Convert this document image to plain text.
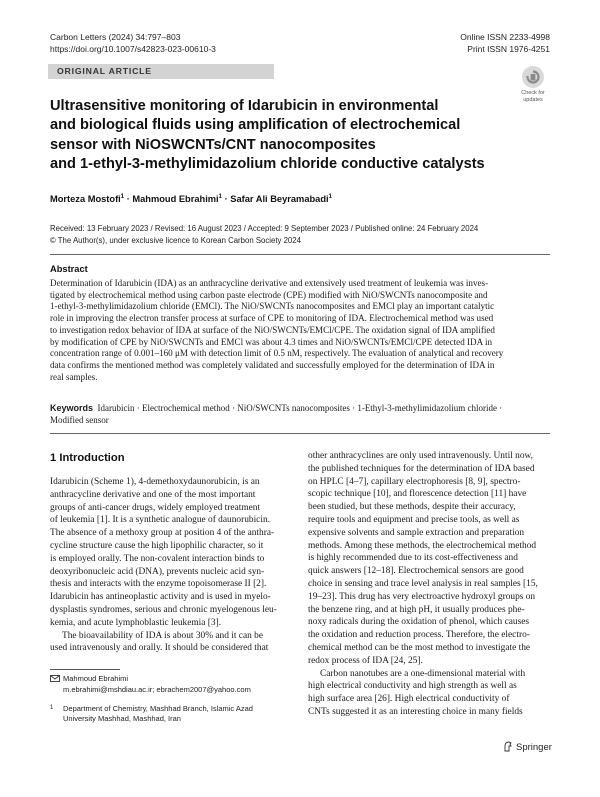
Carbon Letters (2024) 34:797–803
https://doi.org/10.1007/s42823-023-00610-3
Online ISSN 2233-4998
Print ISSN 1976-4251
ORIGINAL ARTICLE
Check for
updates
Ultrasensitive monitoring of Idarubicin in environmental
and biological fluids using amplification of electrochemical
sensor with NiOSWCNTs/CNT nanocomposites
and 1-ethyl-3-methylimidazolium chloride conductive catalysts
Morteza Mostofi$^1$ · Mahmoud Ebrahimi$^1$ · Safar Ali Beyramabadi$^1$
Received: 13 February 2023 / Revised: 16 August 2023 / Accepted: 9 September 2023 / Published online: 24 February 2024
© The Author(s), under exclusive licence to Korean Carbon Society 2024
Abstract
Determination of Idarubicin (IDA) as an anthracycline derivative and extensively used treatment of leukemia was inves-
tigated by electrochemical method using carbon paste electrode (CPE) modified with NiO/SWCNTs nanocomposite and
1-ethyl-3-methylimidazolium chloride (EMCl). The NiO/SWCNTs nanocomposites and EMCl play an important catalytic
role in improving the electron transfer process at surface of CPE to monitoring of IDA. Electrochemical method was used
to investigation redox behavior of IDA at surface of the NiO/SWCNTs/EMCl/CPE. The oxidation signal of IDA amplified
by modification of CPE by NiO/SWCNTs and EMCl was about 4.3 times and NiO/SWCNTs/EMCl/CPE detected IDA in
concentration range of 0.001–160 μM with detection limit of 0.5 nM, respectively. The evaluation of analytical and recovery
data confirms the mentioned method was completely validated and successfully employed for the determination of IDA in
real samples.
Keywords Idarubicin · Electrochemical method · NiO/SWCNTs nanocomposites · 1-Ethyl-3-methylimidazolium chloride ·
Modified sensor
1 Introduction
Idarubicin (Scheme 1), 4-demethoxydaunorubicin, is an
anthracycline derivative and one of the most important
groups of anti-cancer drugs, widely employed treatment
of leukemia [1]. It is a synthetic analogue of daunorubicin.
The absence of a methoxy group at position 4 of the anthra-
cycline structure cause the high lipophilic character, so it
is employed orally. The non-covalent interaction binds to
deoxyribonucleic acid (DNA), prevents nucleic acid syn-
thesis and interacts with the enzyme topoisomerase II [2].
Idarubicin has antineoplastic activity and is used in myelo-
dysplastis syndromes, serious and chronic myelogenous leu-
kemia, and acute lymphoblastic leukemia [3].
The bioavailability of IDA is about 30% and it can be
used intravenously and orally. It should be considered that
Mahmoud Ebrahimi
m.ebrahimi@mshdiau.ac.ir; ebrachem2007@yahoo.com
1 Department of Chemistry, Mashhad Branch, Islamic Azad
University Mashhad, Mashhad, Iran
other anthracyclines are only used intravenously. Until now,
the published techniques for the determination of IDA based
on HPLC [4–7], capillary electrophoresis [8, 9], spectro-
scopic technique [10], and florescence detection [11] have
been studied, but these methods, despite their accuracy,
require tools and equipment and precise tools, as well as
expensive solvents and sample extraction and preparation
methods. Among these methods, the electrochemical method
is highly recommended due to its cost-effectiveness and
quick answers [12–18]. Electrochemical sensors are good
choice in sensing and trace level analysis in real samples [15,
19–23]. This drug has very electroactive hydroxyl groups on
the benzene ring, and at high pH, it usually produces phe-
noxy radicals during the oxidation of phenol, which causes
the oxidation and reduction process. Therefore, the electro-
chemical method can be the most method to investigate the
redox process of IDA [24, 25].
Carbon nanotubes are a one-dimensional material with
high electrical conductivity and high strength as well as
high surface area [26]. High electrical conductivity of
CNTs suggested it as an interesting choice in many fields
Springer
